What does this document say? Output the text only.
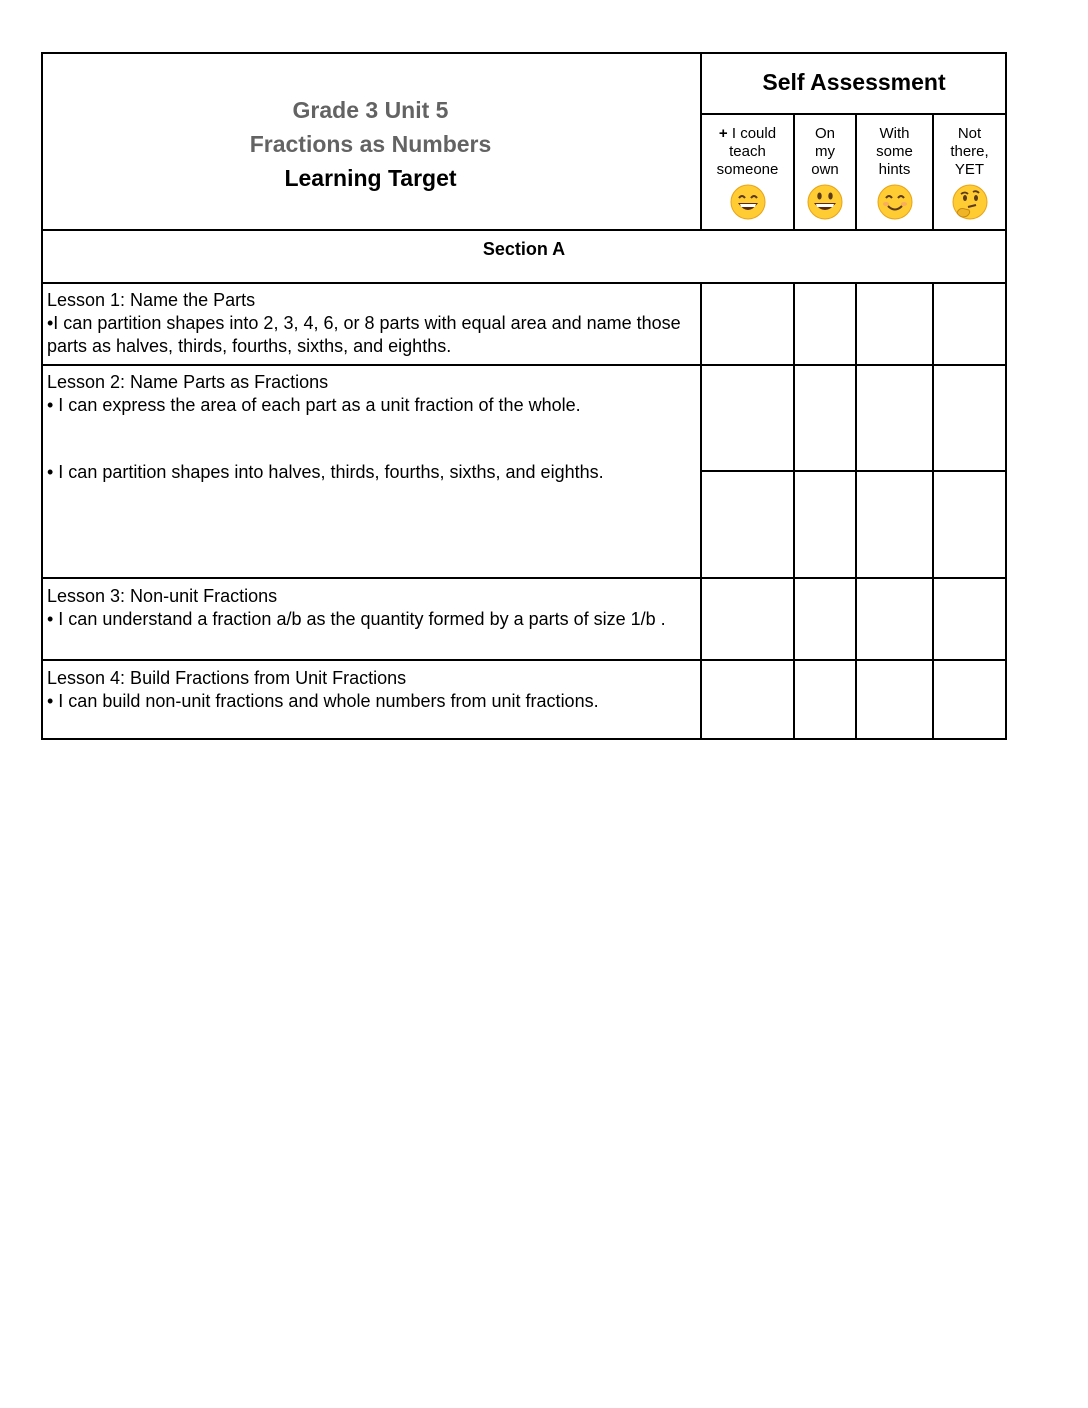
Grade 3 Unit 5
Fractions as Numbers
Learning Target
Self Assessment
+ I could
teach
someone
On
my
own
With
some
hints
Not
there,
YET
Section A

Lesson 1: Name the Parts

•I can partition shapes into 2, 3, 4, 6, or 8 parts with equal area and name those parts as halves, thirds, fourths, sixths, and eighths.

Lesson 2: Name Parts as Fractions

• I can express the area of each part as a unit fraction of the whole.

• I can partition shapes into halves, thirds, fourths, sixths, and eighths.

Lesson 3: Non-unit Fractions

• I can understand a fraction a/b as the quantity formed by a parts of size 1/b .

Lesson 4: Build Fractions from Unit Fractions

• I can build non-unit fractions and whole numbers from unit fractions.
